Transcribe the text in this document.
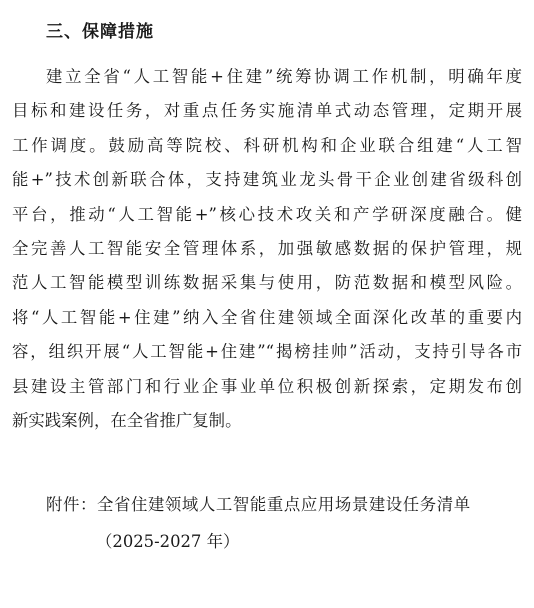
三、保障措施
建立全省“人工智能+住建”统筹协调工作机制，明确年度
目标和建设任务，对重点任务实施清单式动态管理，定期开展
工作调度。鼓励高等院校、科研机构和企业联合组建“人工智
能+”技术创新联合体，支持建筑业龙头骨干企业创建省级科创
平台，推动“人工智能+”核心技术攻关和产学研深度融合。健
全完善人工智能安全管理体系，加强敏感数据的保护管理，规
范人工智能模型训练数据采集与使用，防范数据和模型风险。
将“人工智能+住建”纳入全省住建领域全面深化改革的重要内
容，组织开展“人工智能+住建”“揭榜挂帅”活动，支持引导各市
县建设主管部门和行业企事业单位积极创新探索，定期发布创
新实践案例，在全省推广复制。
附件：全省住建领域人工智能重点应用场景建设任务清单
（2025-2027 年）
